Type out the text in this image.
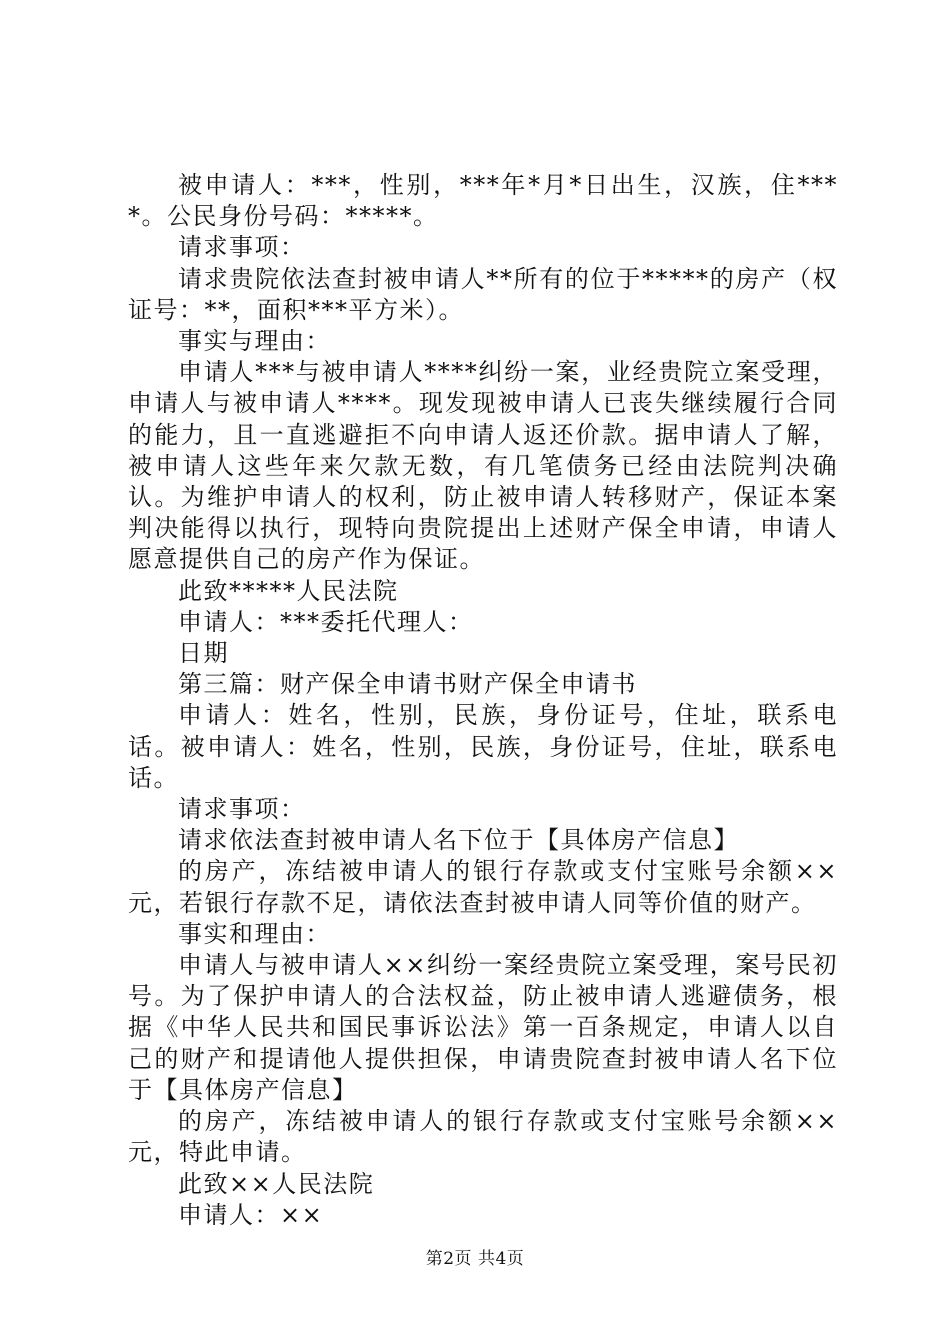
被申请人：***，性别，***年*月*日出生，汉族，住****。公民身份号码：*****。

请求事项：

请求贵院依法查封被申请人**所有的位于*****的房产（权证号：**，面积***平方米）。

事实与理由：

申请人***与被申请人****纠纷一案，业经贵院立案受理，申请人与被申请人****。现发现被申请人已丧失继续履行合同的能力，且一直逃避拒不向申请人返还价款。据申请人了解，被申请人这些年来欠款无数，有几笔债务已经由法院判决确认。为维护申请人的权利，防止被申请人转移财产，保证本案判决能得以执行，现特向贵院提出上述财产保全申请，申请人愿意提供自己的房产作为保证。

此致*****人民法院

申请人：***委托代理人：

日期

第三篇：财产保全申请书财产保全申请书

申请人：姓名，性别，民族，身份证号，住址，联系电话。被申请人：姓名，性别，民族，身份证号，住址，联系电话。

请求事项：

请求依法查封被申请人名下位于【具体房产信息】

的房产，冻结被申请人的银行存款或支付宝账号余额××元，若银行存款不足，请依法查封被申请人同等价值的财产。

事实和理由：

申请人与被申请人××纠纷一案经贵院立案受理，案号民初号。为了保护申请人的合法权益，防止被申请人逃避债务，根据《中华人民共和国民事诉讼法》第一百条规定，申请人以自己的财产和提请他人提供担保，申请贵院查封被申请人名下位于【具体房产信息】

的房产，冻结被申请人的银行存款或支付宝账号余额××元，特此申请。

此致××人民法院

申请人：××

第2页 共4页
